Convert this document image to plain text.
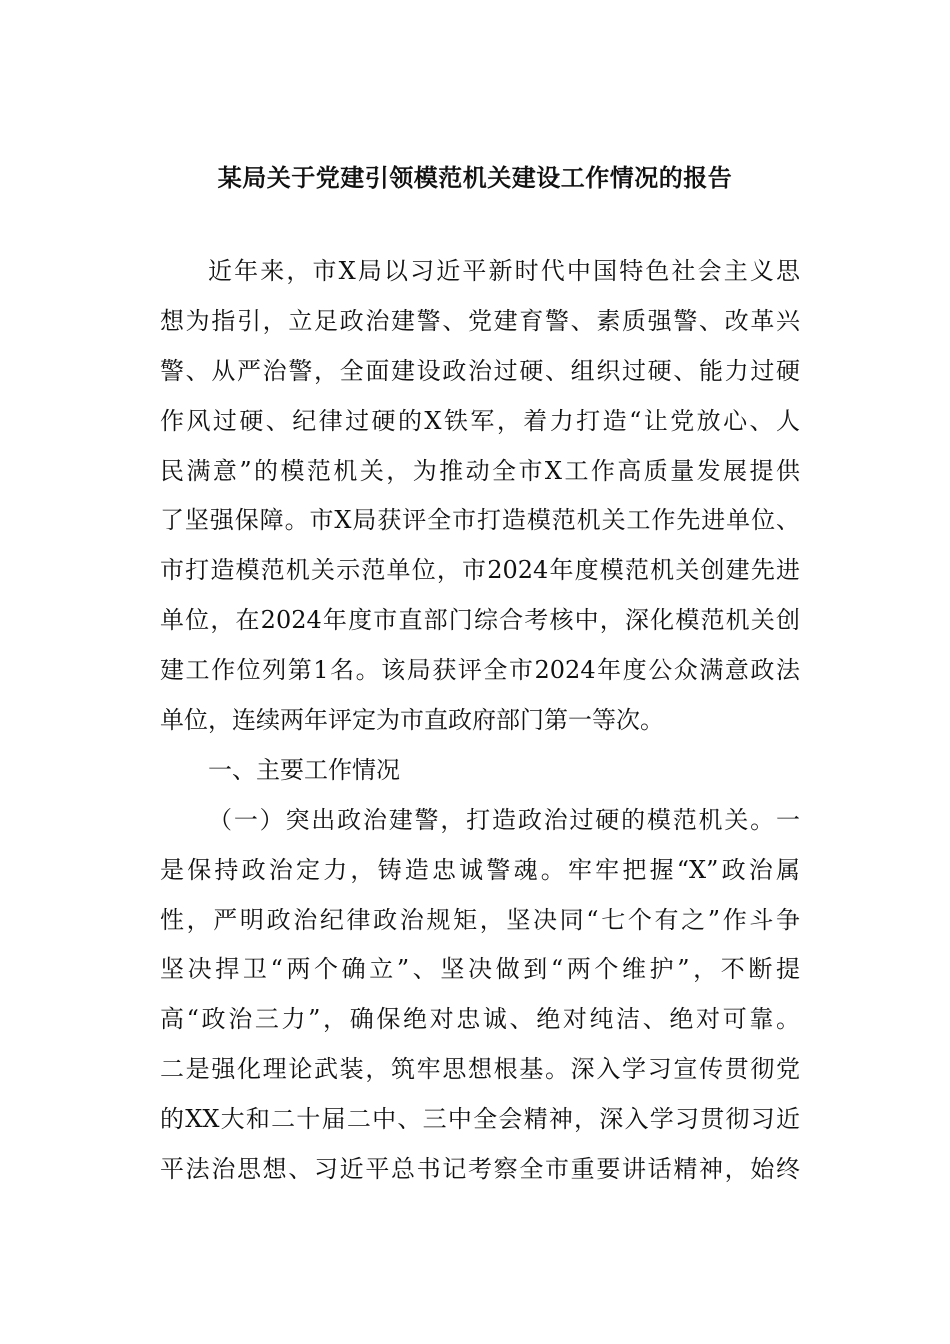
某局关于党建引领模范机关建设工作情况的报告
近年来，市X局以习近平新时代中国特色社会主义思
想为指引，立足政治建警、党建育警、素质强警、改革兴
警、从严治警，全面建设政治过硬、组织过硬、能力过硬
作风过硬、纪律过硬的X铁军，着力打造“让党放心、人
民满意”的模范机关，为推动全市X工作高质量发展提供
了坚强保障。市X局获评全市打造模范机关工作先进单位、
市打造模范机关示范单位，市2024年度模范机关创建先进
单位，在2024年度市直部门综合考核中，深化模范机关创
建工作位列第1名。该局获评全市2024年度公众满意政法
单位，连续两年评定为市直政府部门第一等次。
一、主要工作情况
（一）突出政治建警，打造政治过硬的模范机关。一
是保持政治定力，铸造忠诚警魂。牢牢把握“X”政治属
性，严明政治纪律政治规矩，坚决同“七个有之”作斗争
坚决捍卫“两个确立”、坚决做到“两个维护”，不断提
高“政治三力”，确保绝对忠诚、绝对纯洁、绝对可靠。
二是强化理论武装，筑牢思想根基。深入学习宣传贯彻党
的XX大和二十届二中、三中全会精神，深入学习贯彻习近
平法治思想、习近平总书记考察全市重要讲话精神，始终
